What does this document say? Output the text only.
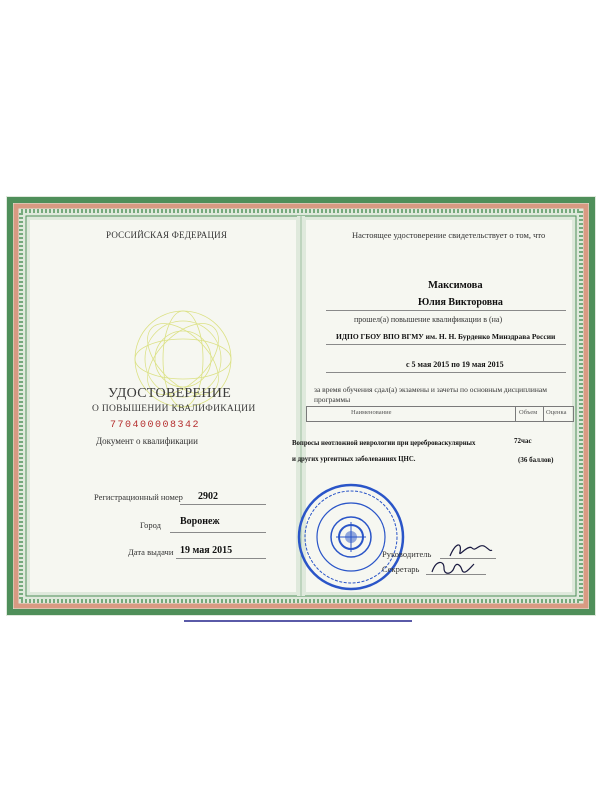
РОССИЙСКАЯ ФЕДЕРАЦИЯ
УДОСТОВЕРЕНИЕ
О ПОВЫШЕНИИ КВАЛИФИКАЦИИ
770400008342
Документ о квалификации
Регистрационный номер 2902
Город Воронеж
Дата выдачи 19 мая 2015
Настоящее удостоверение свидетельствует о том, что
Максимова
Юлия Викторовна
прошел(а) повышение квалификации в (на)
ИДПО ГБОУ ВПО ВГМУ им. Н. Н. Бурденко Минздрава России
с 5 мая 2015 по 19 мая 2015
за время обучения сдал(а) экзамены и зачеты по основным дисциплинам
программы
Наименование	Объем Оценка
Вопросы неотложной неврологии при цереброваскулярных
и других ургентных заболеваниях ЦНС.
72час
(36 баллов)
Руководитель
Секретарь
